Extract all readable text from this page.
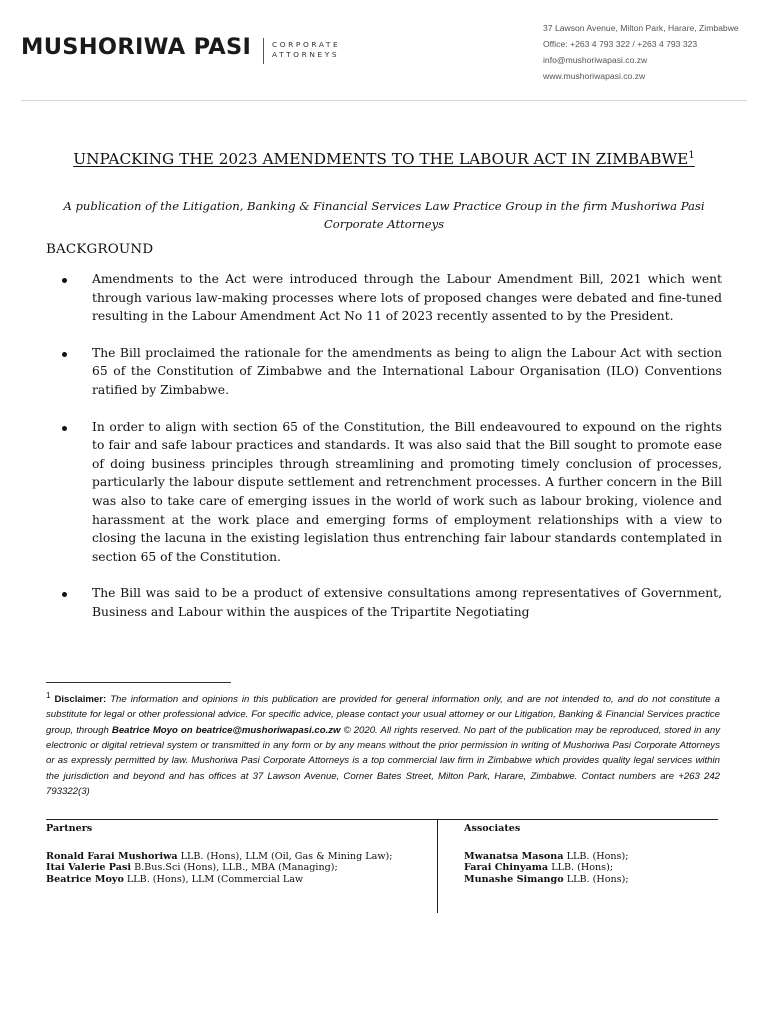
MUSHORIWA PASI	CORPORATE
ATTORNEYS
37 Lawson Avenue, Milton Park, Harare, Zimbabwe
Office: +263 4 793 322 / +263 4 793 323
info@mushoriwapasi.co.zw
www.mushoriwapasi.co.zw
UNPACKING THE 2023 AMENDMENTS TO THE LABOUR ACT IN ZIMBABWE$^1$
A publication of the Litigation, Banking & Financial Services Law Practice Group in the firm Mushoriwa Pasi Corporate Attorneys
BACKGROUND
Amendments to the Act were introduced through the Labour Amendment Bill, 2021 which went through various law-making processes where lots of proposed changes were debated and fine-tuned resulting in the Labour Amendment Act No 11 of 2023 recently assented to by the President.
The Bill proclaimed the rationale for the amendments as being to align the Labour Act with section 65 of the Constitution of Zimbabwe and the International Labour Organisation (ILO) Conventions ratified by Zimbabwe.
In order to align with section 65 of the Constitution, the Bill endeavoured to expound on the rights to fair and safe labour practices and standards. It was also said that the Bill sought to promote ease of doing business principles through streamlining and promoting timely conclusion of processes, particularly the labour dispute settlement and retrenchment processes. A further concern in the Bill was also to take care of emerging issues in the world of work such as labour broking, violence and harassment at the work place and emerging forms of employment relationships with a view to closing the lacuna in the existing legislation thus entrenching fair labour standards contemplated in section 65 of the Constitution.
The Bill was said to be a product of extensive consultations among representatives of Government, Business and Labour within the auspices of the Tripartite Negotiating
$^1$ Disclaimer: The information and opinions in this publication are provided for general information only, and are not intended to, and do not constitute a substitute for legal or other professional advice. For specific advice, please contact your usual attorney or our Litigation, Banking & Financial Services practice group, through Beatrice Moyo on beatrice@mushoriwapasi.co.zw © 2020. All rights reserved. No part of the publication may be reproduced, stored in any electronic or digital retrieval system or transmitted in any form or by any means without the prior permission in writing of Mushoriwa Pasi Corporate Attorneys or as expressly permitted by law. Mushoriwa Pasi Corporate Attorneys is a top commercial law firm in Zimbabwe which provides quality legal services within the jurisdiction and beyond and has offices at 37 Lawson Avenue, Corner Bates Street, Milton Park, Harare, Zimbabwe. Contact numbers are +263 242 793322(3)
Partners
Ronald Farai Mushoriwa LLB. (Hons), LLM (Oil, Gas & Mining Law);
Itai Valerie Pasi B.Bus.Sci (Hons), LLB., MBA (Managing);
Beatrice Moyo LLB. (Hons), LLM (Commercial Law
Associates
Mwanatsa Masona LLB. (Hons);
Farai Chinyama LLB. (Hons);
Munashe Simango LLB. (Hons);
